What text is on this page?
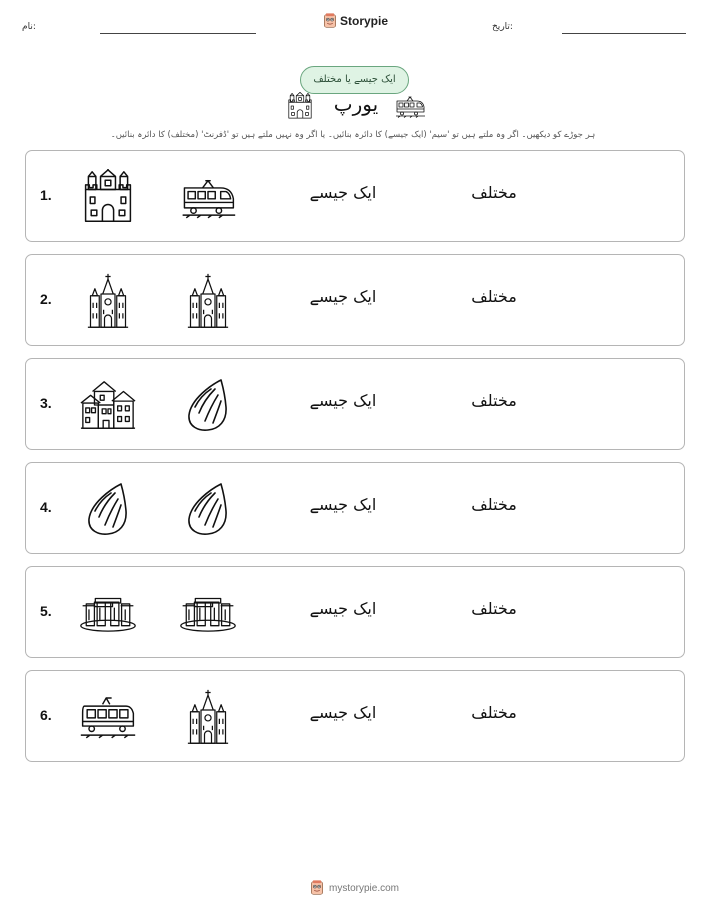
نام:	Storypie	تاریخ:
ایک جیسے یا مختلف
یورپ
ہر جوڑے کو دیکھیں۔ اگر وہ ملتے ہیں تو 'سیم' (ایک جیسے) کا دائرہ بنائیں۔ یا اگر وہ نہیں ملتے ہیں تو 'ڈفرنٹ' (مختلف) کا دائرہ بنائیں۔
1.	ایک جیسے	مختلف
2.	ایک جیسے	مختلف
3.	ایک جیسے	مختلف
4.	ایک جیسے	مختلف
5.	ایک جیسے	مختلف
6.	ایک جیسے	مختلف
mystorypie.com
